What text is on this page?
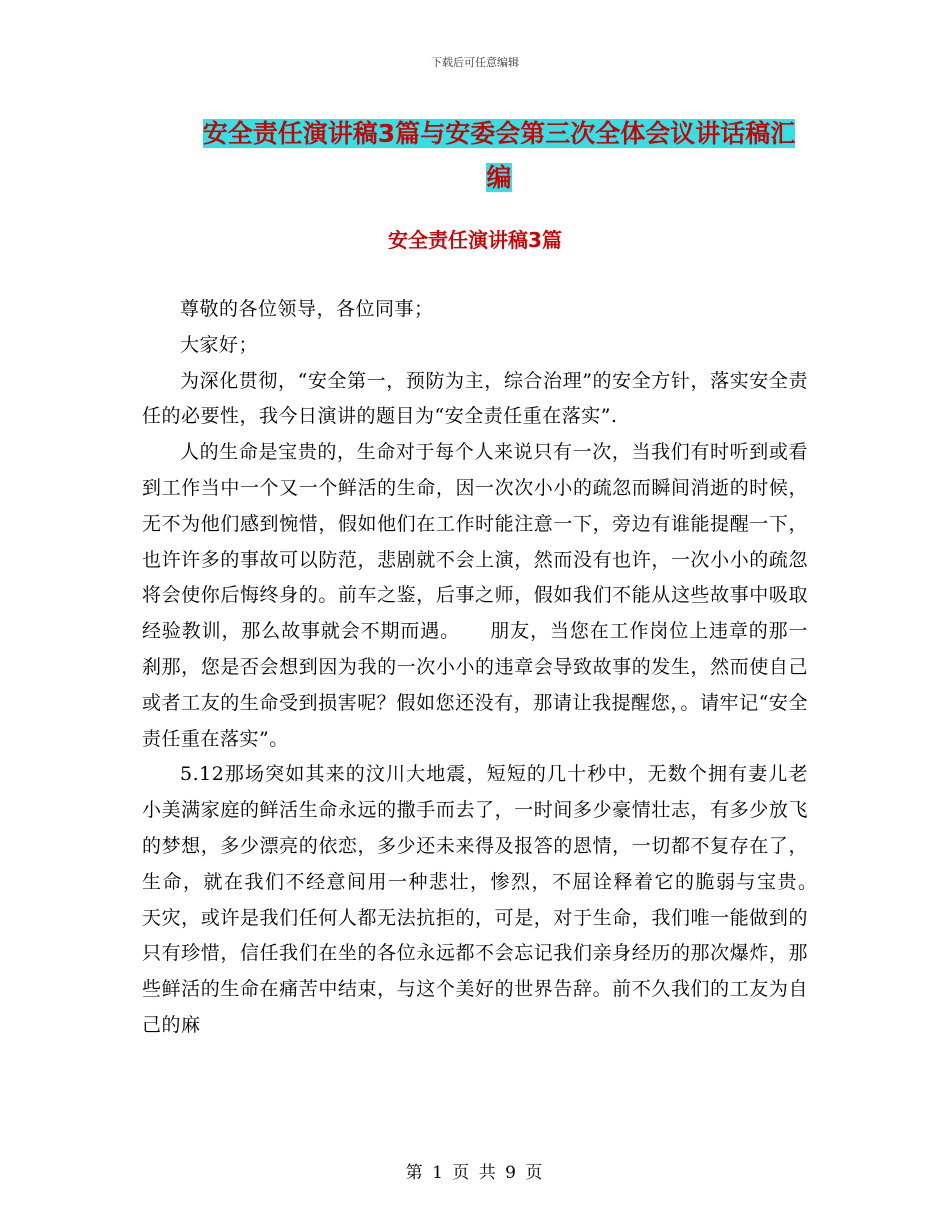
下载后可任意编辑
安全责任演讲稿3篇与安委会第三次全体会议讲话稿汇编
安全责任演讲稿3篇

尊敬的各位领导，各位同事；

大家好；

为深化贯彻，“安全第一，预防为主，综合治理”的安全方针，落实安全责任的必要性，我今日演讲的题目为“安全责任重在落实”.

人的生命是宝贵的，生命对于每个人来说只有一次，当我们有时听到或看到工作当中一个又一个鲜活的生命，因一次次小小的疏忽而瞬间消逝的时候，无不为他们感到惋惜，假如他们在工作时能注意一下，旁边有谁能提醒一下，也许许多的事故可以防范，悲剧就不会上演，然而没有也许，一次小小的疏忽将会使你后悔终身的。前车之鉴，后事之师，假如我们不能从这些故事中吸取经验教训，那么故事就会不期而遇。　　朋友，当您在工作岗位上违章的那一刹那，您是否会想到因为我的一次小小的违章会导致故事的发生，然而使自己或者工友的生命受到损害呢？假如您还没有，那请让我提醒您，。请牢记“安全责任重在落实”。

5.12那场突如其来的汶川大地震，短短的几十秒中，无数个拥有妻儿老小美满家庭的鲜活生命永远的撒手而去了，一时间多少豪情壮志，有多少放飞的梦想，多少漂亮的依恋，多少还未来得及报答的恩情，一切都不复存在了，生命，就在我们不经意间用一种悲壮，惨烈，不屈诠释着它的脆弱与宝贵。　　天灾，或许是我们任何人都无法抗拒的，可是，对于生命，我们唯一能做到的只有珍惜，信任我们在坐的各位永远都不会忘记我们亲身经历的那次爆炸，那些鲜活的生命在痛苦中结束，与这个美好的世界告辞。前不久我们的工友为自己的麻

第 1 页 共 9 页
